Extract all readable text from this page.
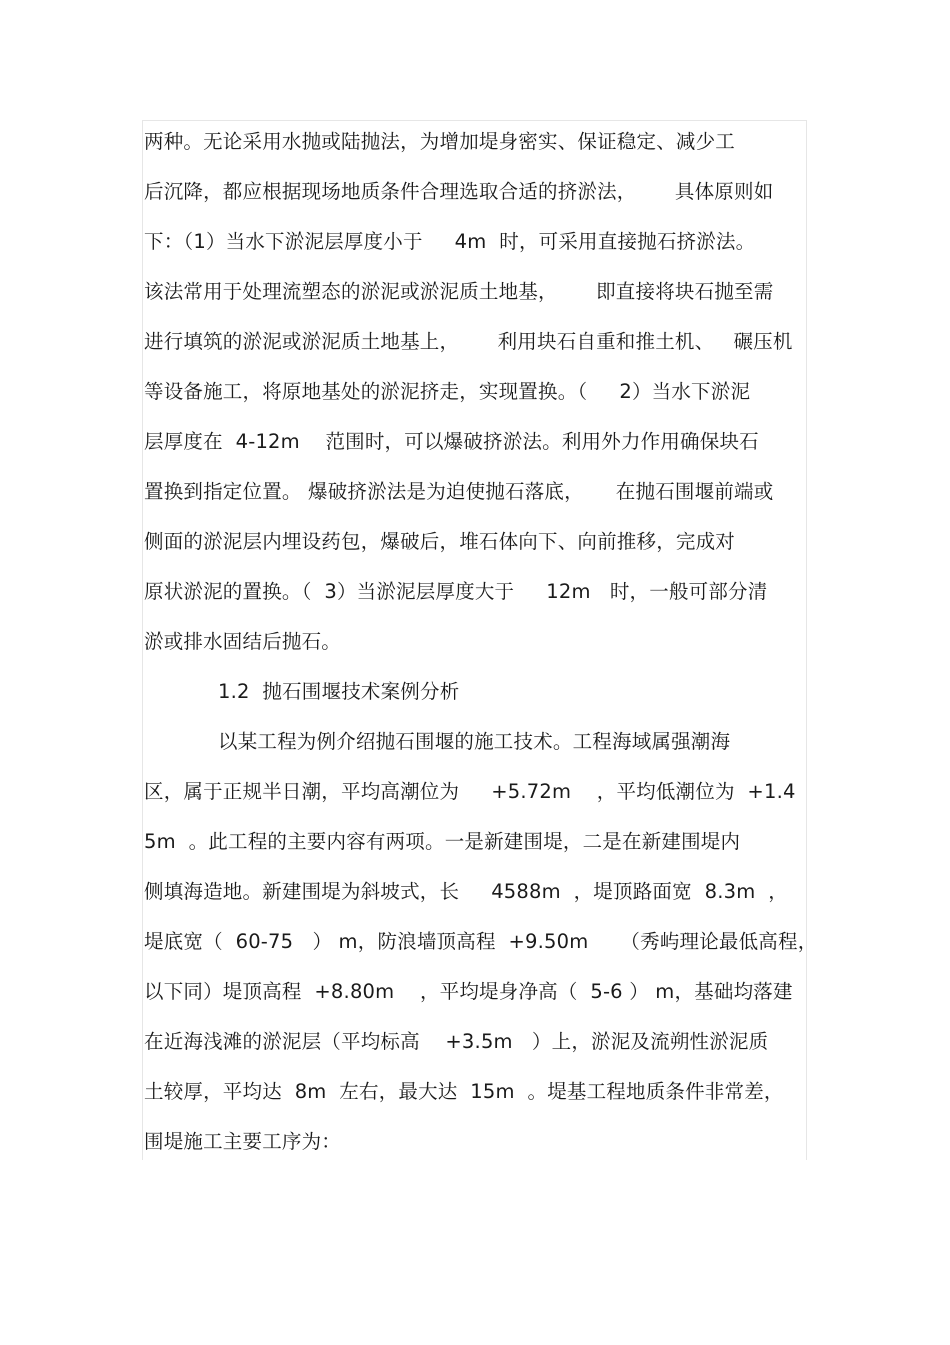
两种。无论采用水抛或陆抛法，为增加堤身密实、保证稳定、减少工
后沉降，都应根据现场地质条件合理选取合适的挤淤法，      具体原则如
下：（1）当水下淤泥层厚度小于     4m  时，可采用直接抛石挤淤法。
该法常用于处理流塑态的淤泥或淤泥质土地基，      即直接将块石抛至需
进行填筑的淤泥或淤泥质土地基上，      利用块石自重和推土机、   碾压机
等设备施工，将原地基处的淤泥挤走，实现置换。（     2）当水下淤泥
层厚度在  4-12m    范围时，可以爆破挤淤法。利用外力作用确保块石
置换到指定位置。 爆破挤淤法是为迫使抛石落底，     在抛石围堰前端或
侧面的淤泥层内埋设药包，爆破后，堆石体向下、向前推移，完成对
原状淤泥的置换。（  3）当淤泥层厚度大于     12m   时，一般可部分清
淤或排水固结后抛石。
1.2  抛石围堰技术案例分析
以某工程为例介绍抛石围堰的施工技术。工程海域属强潮海
区，属于正规半日潮，平均高潮位为     +5.72m    ，平均低潮位为  +1.4
5m  。此工程的主要内容有两项。一是新建围堤，二是在新建围堤内
侧填海造地。新建围堤为斜坡式，长     4588m  ，堤顶路面宽  8.3m  ，
堤底宽（  60-75   ） m，防浪墙顶高程  +9.50m     （秀屿理论最低高程，
以下同）堤顶高程  +8.80m    ，平均堤身净高（  5-6 ） m，基础均落建
在近海浅滩的淤泥层（平均标高    +3.5m   ）上，淤泥及流朔性淤泥质
土较厚，平均达  8m  左右，最大达  15m  。堤基工程地质条件非常差，
围堤施工主要工序为：
